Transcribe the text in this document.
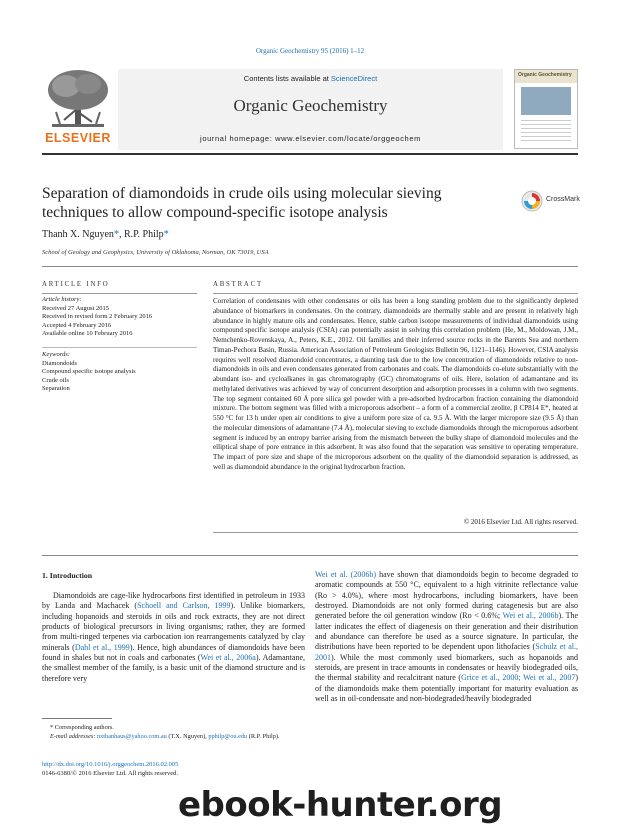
Organic Geochemistry 95 (2016) 1–12
ELSEVIER
Contents lists available at ScienceDirect
Organic Geochemistry
journal homepage: www.elsevier.com/locate/orggeochem
Organic Geochemistry
Separation of diamondoids in crude oils using molecular sieving techniques to allow compound-specific isotope analysis
CrossMark
Thanh X. Nguyen*, R.P. Philp*
School of Geology and Geophysics, University of Oklahoma, Norman, OK 73019, USA
ARTICLE INFO
Article history:
Received 27 August 2015
Received in revised form 2 February 2016
Accepted 4 February 2016
Available online 10 February 2016
Keywords:
Diamondoids
Compound specific isotope analysis
Crude oils
Separation
ABSTRACT
Correlation of condensates with other condensates or oils has been a long standing problem due to the significantly depleted abundance of biomarkers in condensates. On the contrary, diamondoids are thermally stable and are present in relatively high abundance in highly mature oils and condensates. Hence, stable carbon isotope measurements of individual diamondoids using compound specific isotope analysis (CSIA) can potentially assist in solving this correlation problem (He, M., Moldowan, J.M., Nemchenko-Rovenskaya, A., Peters, K.E., 2012. Oil families and their inferred source rocks in the Barents Sea and northern Timan-Pechora Basin, Russia. American Association of Petroleum Geologists Bulletin 96, 1121–1146). However, CSIA analysis requires well resolved diamondoid concentrates, a daunting task due to the low concentration of diamondoids relative to non-diamondoids in oils and even condensates generated from carbonates and coals. The diamondoids co-elute substantially with the abundant iso- and cycloalkanes in gas chromatography (GC) chromatograms of oils. Here, isolation of adamantane and its methylated derivatives was achieved by way of concurrent desorption and adsorption processes in a column with two segments. The top segment contained 60 Å pore silica gel powder with a pre-adsorbed hydrocarbon fraction containing the diamondoid mixture. The bottom segment was filled with a microporous adsorbent – a form of a commercial zeolite, β CP814 E*, heated at 550 °C for 13 h under open air conditions to give a uniform pore size of ca. 9.5 Å. With the larger micropore size (9.5 Å) than the molecular dimensions of adamantane (7.4 Å), molecular sieving to exclude diamondoids through the microporous adsorbent segment is induced by an entropy barrier arising from the mismatch between the bulky shape of diamondoid molecules and the elliptical shape of pore entrance in this adsorbent. It was also found that the separation was sensitive to operating temperature. The impact of pore size and shape of the microporous adsorbent on the quality of the diamondoid separation is addressed, as well as diamondoid abundance in the original hydrocarbon fraction.
© 2016 Elsevier Ltd. All rights reserved.
1. Introduction
Diamondoids are cage-like hydrocarbons first identified in petroleum in 1933 by Landa and Machacek (Schoell and Carlson, 1999). Unlike biomarkers, including hopanoids and steroids in oils and rock extracts, they are not direct products of biological precursors in living organisms; rather, they are formed from multi-ringed terpenes via carbocation ion rearrangements catalyzed by clay minerals (Dahl et al., 1999). Hence, high abundances of diamondoids have been found in shales but not in coals and carbonates (Wei et al., 2006a). Adamantane, the smallest member of the family, is a basic unit of the diamond structure and is therefore very
Wei et al. (2006b) have shown that diamondoids begin to become degraded to aromatic compounds at 550 °C, equivalent to a high vitrinite reflectance value (Ro > 4.0%), where most hydrocarbons, including biomarkers, have been destroyed. Diamondoids are not only formed during catagenesis but are also generated before the oil generation window (Ro < 0.6%; Wei et al., 2006b). The latter indicates the effect of diagenesis on their generation and their distribution and abundance can therefore be used as a source signature. In particular, the distributions have been reported to be dependent upon lithofacies (Schulz et al., 2001). While the most commonly used biomarkers, such as hopanoids and steroids, are present in trace amounts in condensates or heavily biodegraded oils, the thermal stability and recalcitrant nature (Grice et al., 2000; Wei et al., 2007) of the diamondoids make them potentially important for maturity evaluation as well as in oil-condensate and non-biodegraded/heavily biodegraded
* Corresponding authors.
E-mail addresses: nxthanhaus@yahoo.com.au (T.X. Nguyen), pphilp@ou.edu (R.P. Philp).
http://dx.doi.org/10.1016/j.orggeochem.2016.02.005
0146-6380/© 2016 Elsevier Ltd. All rights reserved.
ebook-hunter.org
